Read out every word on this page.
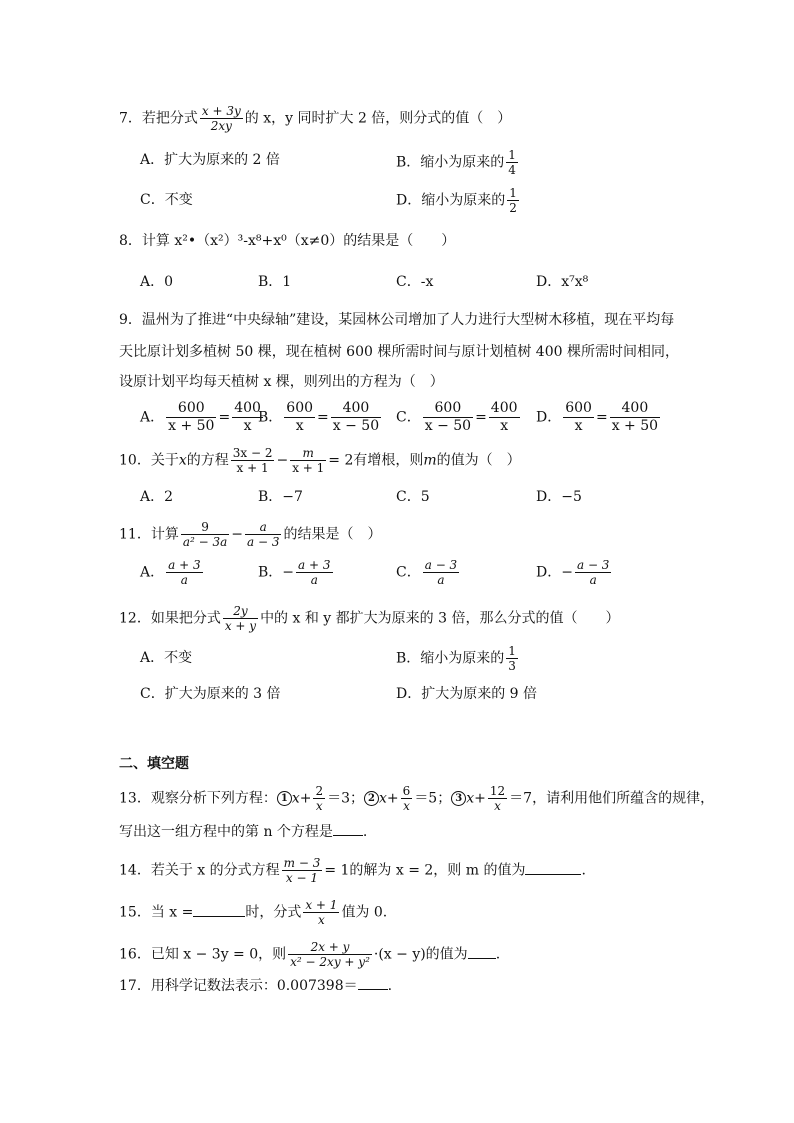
7．若把分式 $\frac{x + 3y}{2xy}$ 的 x，y 同时扩大 2 倍，则分式的值（　）
A．扩大为原来的 2 倍	B．缩小为原来的 $\frac{1}{4}$
C．不变	D．缩小为原来的 $\frac{1}{2}$
8．计算 x²•（x²）³-x⁸+x⁰（x≠0）的结果是（　　）
A．0	B．1	C．-x	D．x⁷x⁸
9．温州为了推进“中央绿轴”建设，某园林公司增加了人力进行大型树木移植，现在平均每
天比原计划多植树 50 棵，现在植树 600 棵所需时间与原计划植树 400 棵所需时间相同，
设原计划平均每天植树 x 棵，则列出的方程为（　）
A． $\frac{600}{x + 50} = \frac{400}{x}$
B． $\frac{600}{x} = \frac{400}{x - 50}$ C． $\frac{600}{x - 50} = \frac{400}{x}$ D． $\frac{600}{x} = \frac{400}{x + 50}$
10．关于x的方程 $\frac{3x - 2}{x + 1} - \frac{m}{x + 1} = 2$有增根，则m的值为（　）
A．2	B．−7	C．5	D．−5
11．计算 $\frac{9}{\text{a² − 3a}} - \frac{a}{a - 3}$ 的结果是（　）
A． $\frac{a + 3}{a}$	B．− $\frac{a + 3}{a}$	C． $\frac{a - 3}{a}$	D．− $\frac{a - 3}{a}$
12．如果把分式 $\frac{2y}{x + y}$ 中的 x 和 y 都扩大为原来的 3 倍，那么分式的值（　　）
A．不变	B．缩小为原来的 $\frac{1}{3}$
C．扩大为原来的 3 倍	D．扩大为原来的 9 倍
二、填空题
13．观察分析下列方程： 1 $x+ \frac{2}{x} =3$； 2 $x+ \frac{6}{x} =5$； 3 $x+ \frac{12}{x} =7$，请利用他们所蕴含的规律，
写出这一组方程中的第 n 个方程是 .
14．若关于 x 的分式方程 $\frac{m - 3}{x - 1} = 1$的解为 x = 2，则 m 的值为	.
15．当 x =	时，分式 $\frac{x + 1}{x}$ 值为 0.
16．已知 x − 3y = 0，则 $\frac{2x + y}{\text{x² − 2xy + y²}} \cdot(x - y)$的值为 .
17．用科学记数法表示：0.007398＝ .
